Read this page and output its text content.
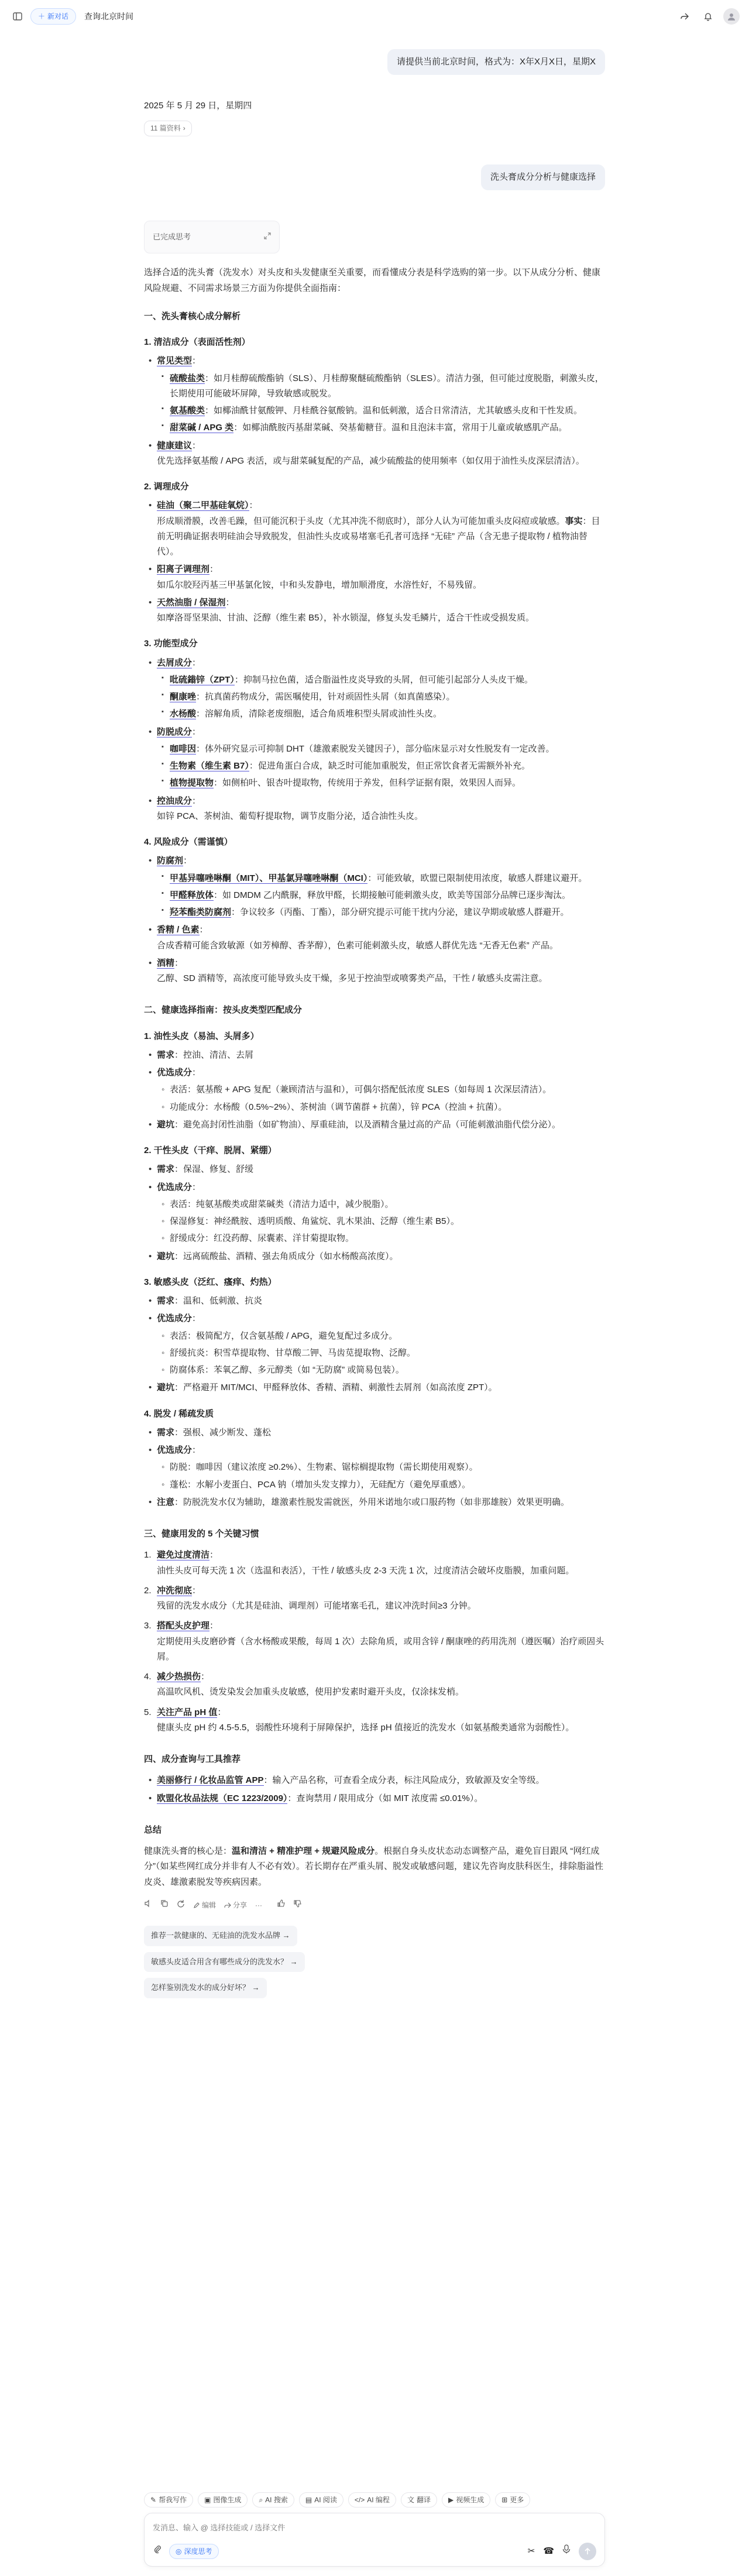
＋ 新对话 查询北京时间
请提供当前北京时间，格式为：X年X月X日，星期X
2025 年 5 月 29 日，星期四
11 篇资料 ›
洗头膏成分分析与健康选择
已完成思考

选择合适的洗头膏（洗发水）对头皮和头发健康至关重要，而看懂成分表是科学选购的第一步。以下从成分分析、健康风险规避、不同需求场景三方面为你提供全面指南：

一、洗头膏核心成分解析
1. 清洁成分（表面活性剂）
• 常见类型：
▪ 硫酸盐类：如月桂醇硫酸酯钠（SLS）、月桂醇聚醚硫酸酯钠（SLES）。清洁力强，但可能过度脱脂，刺激头皮，长期使用可能破坏屏障，导致敏感或脱发。
▪ 氨基酸类：如椰油酰甘氨酸钾、月桂酰谷氨酸钠。温和低刺激，适合日常清洁，尤其敏感头皮和干性发质。
▪ 甜菜碱 / APG 类：如椰油酰胺丙基甜菜碱、癸基葡糖苷。温和且泡沫丰富，常用于儿童或敏感肌产品。
• 健康建议：
优先选择氨基酸 / APG 表活，或与甜菜碱复配的产品，减少硫酸盐的使用频率（如仅用于油性头皮深层清洁）。
2. 调理成分
• 硅油（聚二甲基硅氧烷）：
形成顺滑膜，改善毛躁，但可能沉积于头皮（尤其冲洗不彻底时），部分人认为可能加重头皮闷痘或敏感。事实：目前无明确证据表明硅油会导致脱发，但油性头皮或易堵塞毛孔者可选择 “无硅” 产品（含无患子提取物 / 植物油替代）。
• 阳离子调理剂：
如瓜尔胶羟丙基三甲基氯化铵，中和头发静电，增加顺滑度，水溶性好，不易残留。
• 天然油脂 / 保湿剂：
如摩洛哥坚果油、甘油、泛醇（维生素 B5），补水锁湿，修复头发毛鳞片，适合干性或受损发质。
3. 功能型成分
• 去屑成分：
▪ 吡硫鎓锌（ZPT）：抑制马拉色菌，适合脂溢性皮炎导致的头屑，但可能引起部分人头皮干燥。
▪ 酮康唑：抗真菌药物成分，需医嘱使用，针对顽固性头屑（如真菌感染）。
▪ 水杨酸：溶解角质，清除老废细胞，适合角质堆积型头屑或油性头皮。
• 防脱成分：
▪ 咖啡因：体外研究显示可抑制 DHT（雄激素脱发关键因子），部分临床显示对女性脱发有一定改善。
▪ 生物素（维生素 B7）：促进角蛋白合成，缺乏时可能加重脱发，但正常饮食者无需额外补充。
▪ 植物提取物：如侧柏叶、银杏叶提取物，传统用于养发，但科学证据有限，效果因人而异。
• 控油成分：
如锌 PCA、茶树油、葡萄籽提取物，调节皮脂分泌，适合油性头皮。
4. 风险成分（需谨慎）
• 防腐剂：
▪ 甲基异噻唑啉酮（MIT）、甲基氯异噻唑啉酮（MCI）：可能致敏，欧盟已限制使用浓度，敏感人群建议避开。
▪ 甲醛释放体：如 DMDM 乙内酰脲，释放甲醛，长期接触可能刺激头皮，欧美等国部分品牌已逐步淘汰。
▪ 羟苯酯类防腐剂：争议较多（丙酯、丁酯），部分研究提示可能干扰内分泌，建议孕期或敏感人群避开。
• 香精 / 色素：
合成香精可能含致敏源（如芳樟醇、香茅醇），色素可能刺激头皮，敏感人群优先选 “无香无色素” 产品。
• 酒精：
乙醇、SD 酒精等，高浓度可能导致头皮干燥，多见于控油型或喷雾类产品，干性 / 敏感头皮需注意。
二、健康选择指南：按头皮类型匹配成分
1. 油性头皮（易油、头屑多）
• 需求：控油、清洁、去屑
• 优选成分：
◦ 表活：氨基酸 + APG 复配（兼顾清洁与温和），可偶尔搭配低浓度 SLES（如每周 1 次深层清洁）。
◦ 功能成分：水杨酸（0.5%~2%）、茶树油（调节菌群 + 抗菌），锌 PCA（控油 + 抗菌）。
• 避坑：避免高封闭性油脂（如矿物油）、厚重硅油，以及酒精含量过高的产品（可能刺激油脂代偿分泌）。
2. 干性头皮（干痒、脱屑、紧绷）
• 需求：保湿、修复、舒缓
• 优选成分：
◦ 表活：纯氨基酸类或甜菜碱类（清洁力适中，减少脱脂）。
◦ 保湿修复：神经酰胺、透明质酸、角鲨烷、乳木果油、泛醇（维生素 B5）。
◦ 舒缓成分：红没药醇、尿囊素、洋甘菊提取物。
• 避坑：远离硫酸盐、酒精、强去角质成分（如水杨酸高浓度）。
3. 敏感头皮（泛红、瘙痒、灼热）
• 需求：温和、低刺激、抗炎
• 优选成分：
◦ 表活：极简配方，仅含氨基酸 / APG，避免复配过多成分。
◦ 舒缓抗炎：积雪草提取物、甘草酸二钾、马齿苋提取物、泛醇。
◦ 防腐体系：苯氧乙醇、多元醇类（如 “无防腐” 或简易包装）。
• 避坑：严格避开 MIT/MCI、甲醛释放体、香精、酒精、刺激性去屑剂（如高浓度 ZPT）。
4. 脱发 / 稀疏发质
• 需求：强根、减少断发、蓬松
• 优选成分：
◦ 防脱：咖啡因（建议浓度 ≥0.2%）、生物素、锯棕榈提取物（需长期使用观察）。
◦ 蓬松：水解小麦蛋白、PCA 钠（增加头发支撑力），无硅配方（避免厚重感）。
• 注意：防脱洗发水仅为辅助，雄激素性脱发需就医，外用米诺地尔或口服药物（如非那雄胺）效果更明确。
三、健康用发的 5 个关键习惯
1. 避免过度清洁：
油性头皮可每天洗 1 次（选温和表活），干性 / 敏感头皮 2-3 天洗 1 次，过度清洁会破坏皮脂膜，加重问题。
2. 冲洗彻底：
残留的洗发水成分（尤其是硅油、调理剂）可能堵塞毛孔，建议冲洗时间≥3 分钟。
3. 搭配头皮护理：
定期使用头皮磨砂膏（含水杨酸或果酸，每周 1 次）去除角质，或用含锌 / 酮康唑的药用洗剂（遵医嘱）治疗顽固头屑。
4. 减少热损伤：
高温吹风机、烫发染发会加重头皮敏感，使用护发素时避开头皮，仅涂抹发梢。
5. 关注产品 pH 值：
健康头皮 pH 约 4.5-5.5，弱酸性环境利于屏障保护，选择 pH 值接近的洗发水（如氨基酸类通常为弱酸性）。
四、成分查询与工具推荐
• 美丽修行 / 化妆品监管 APP：输入产品名称，可查看全成分表，标注风险成分，致敏源及安全等级。
• 欧盟化妆品法规（EC 1223/2009）：查询禁用 / 限用成分（如 MIT 浓度需 ≤0.01%）。
总结

健康洗头膏的核心是：温和清洁 + 精准护理 + 规避风险成分。根据自身头皮状态动态调整产品，避免盲目跟风 “网红成分”（如某些网红成分并非有人不必有效）。若长期存在严重头屑、脱发或敏感问题，建议先咨询皮肤科医生，排除脂溢性皮炎、雄激素脱发等疾病因素。

编辑 分享 ···
推荐一款健康的、无硅油的洗发水品牌 →
敏感头皮适合用含有哪些成分的洗发水？ →
怎样鉴别洗发水的成分好坏？ →
✎ 帮我写作	▣ 图像生成	⌕ AI 搜索	▤ AI 阅读	</> AI 编程	文 翻译	▶ 视频生成	⊞ 更多
发消息、输入 @ 选择技能或 / 选择文件
◎ 深度思考	✂ ☎
